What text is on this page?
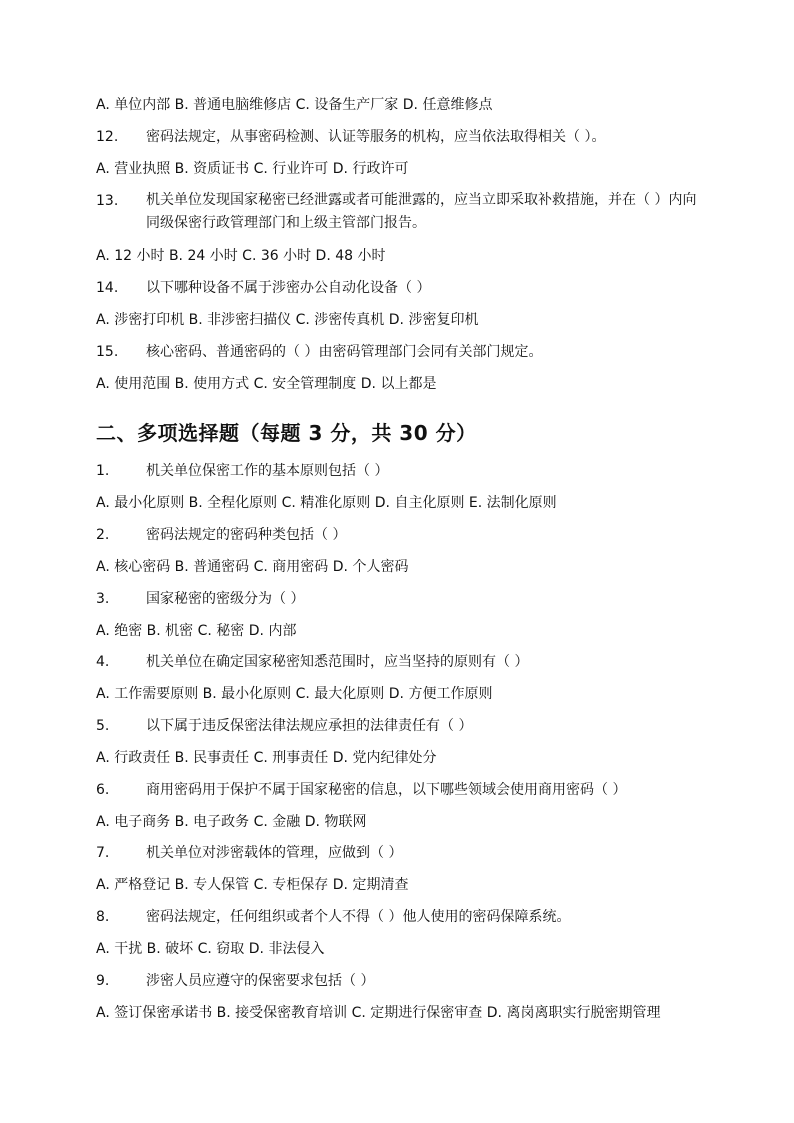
A. 单位内部 B. 普通电脑维修店 C. 设备生产厂家 D. 任意维修点
12. 密码法规定，从事密码检测、认证等服务的机构，应当依法取得相关（ ）。
A. 营业执照 B. 资质证书 C. 行业许可 D. 行政许可
13. 机关单位发现国家秘密已经泄露或者可能泄露的，应当立即采取补救措施，并在（ ）内向同级保密行政管理部门和上级主管部门报告。
A. 12 小时 B. 24 小时 C. 36 小时 D. 48 小时
14. 以下哪种设备不属于涉密办公自动化设备（ ）
A. 涉密打印机 B. 非涉密扫描仪 C. 涉密传真机 D. 涉密复印机
15. 核心密码、普通密码的（ ）由密码管理部门会同有关部门规定。
A. 使用范围 B. 使用方式 C. 安全管理制度 D. 以上都是
二、多项选择题（每题 3 分，共 30 分）
1.	机关单位保密工作的基本原则包括（ ）
A. 最小化原则 B. 全程化原则 C. 精准化原则 D. 自主化原则 E. 法制化原则
2.	密码法规定的密码种类包括（ ）
A. 核心密码 B. 普通密码 C. 商用密码 D. 个人密码
3.	国家秘密的密级分为（ ）
A. 绝密 B. 机密 C. 秘密 D. 内部
4.	机关单位在确定国家秘密知悉范围时，应当坚持的原则有（ ）
A. 工作需要原则 B. 最小化原则 C. 最大化原则 D. 方便工作原则
5.	以下属于违反保密法律法规应承担的法律责任有（ ）
A. 行政责任 B. 民事责任 C. 刑事责任 D. 党内纪律处分
6.	商用密码用于保护不属于国家秘密的信息，以下哪些领域会使用商用密码（ ）
A. 电子商务 B. 电子政务 C. 金融 D. 物联网
7.	机关单位对涉密载体的管理，应做到（ ）
A. 严格登记 B. 专人保管 C. 专柜保存 D. 定期清查
8.	密码法规定，任何组织或者个人不得（ ）他人使用的密码保障系统。
A. 干扰 B. 破坏 C. 窃取 D. 非法侵入
9.	涉密人员应遵守的保密要求包括（ ）
A. 签订保密承诺书 B. 接受保密教育培训 C. 定期进行保密审查 D. 离岗离职实行脱密期管理
